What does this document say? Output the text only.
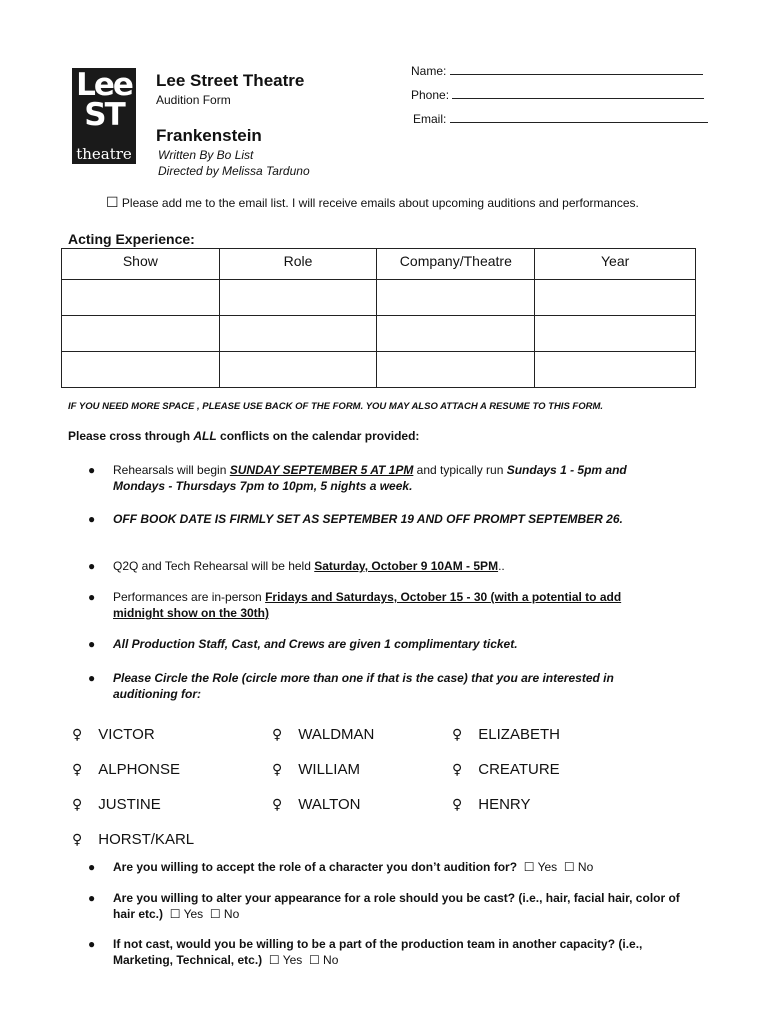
Lee
ST
theatre
Lee Street Theatre
Audition Form
Frankenstein
Written By Bo List
Directed by Melissa Tarduno
Name:
Phone:
Email:
☐ Please add me to the email list. I will receive emails about upcoming auditions and performances.
Acting Experience:
Show	Role	Company/Theatre	Year

IF YOU NEED MORE SPACE , PLEASE USE BACK OF THE FORM. YOU MAY ALSO ATTACH A RESUME TO THIS FORM.
Please cross through ALL conflicts on the calendar provided:
● Rehearsals will begin SUNDAY SEPTEMBER 5 AT 1PM and typically run Sundays 1 - 5pm and Mondays - Thursdays 7pm to 10pm, 5 nights a week.
● OFF BOOK DATE IS FIRMLY SET AS SEPTEMBER 19 AND OFF PROMPT SEPTEMBER 26.
● Q2Q and Tech Rehearsal will be held Saturday, October 9 10AM - 5PM..
● Performances are in-person Fridays and Saturdays, October 15 - 30 (with a potential to add midnight show on the 30th)
● All Production Staff, Cast, and Crews are given 1 complimentary ticket.
● Please Circle the Role (circle more than one if that is the case) that you are interested in auditioning for:
♀ VICTOR	♀ WALDMAN	♀ ELIZABETH
♀ ALPHONSE	♀ WILLIAM	♀ CREATURE
♀ JUSTINE	♀ WALTON	♀ HENRY
♀ HORST/KARL
● Are you willing to accept the role of a character you don’t audition for? ☐ Yes ☐ No
● Are you willing to alter your appearance for a role should you be cast? (i.e., hair, facial hair, color of hair etc.) ☐ Yes ☐ No
● If not cast, would you be willing to be a part of the production team in another capacity? (i.e., Marketing, Technical, etc.) ☐ Yes ☐ No
